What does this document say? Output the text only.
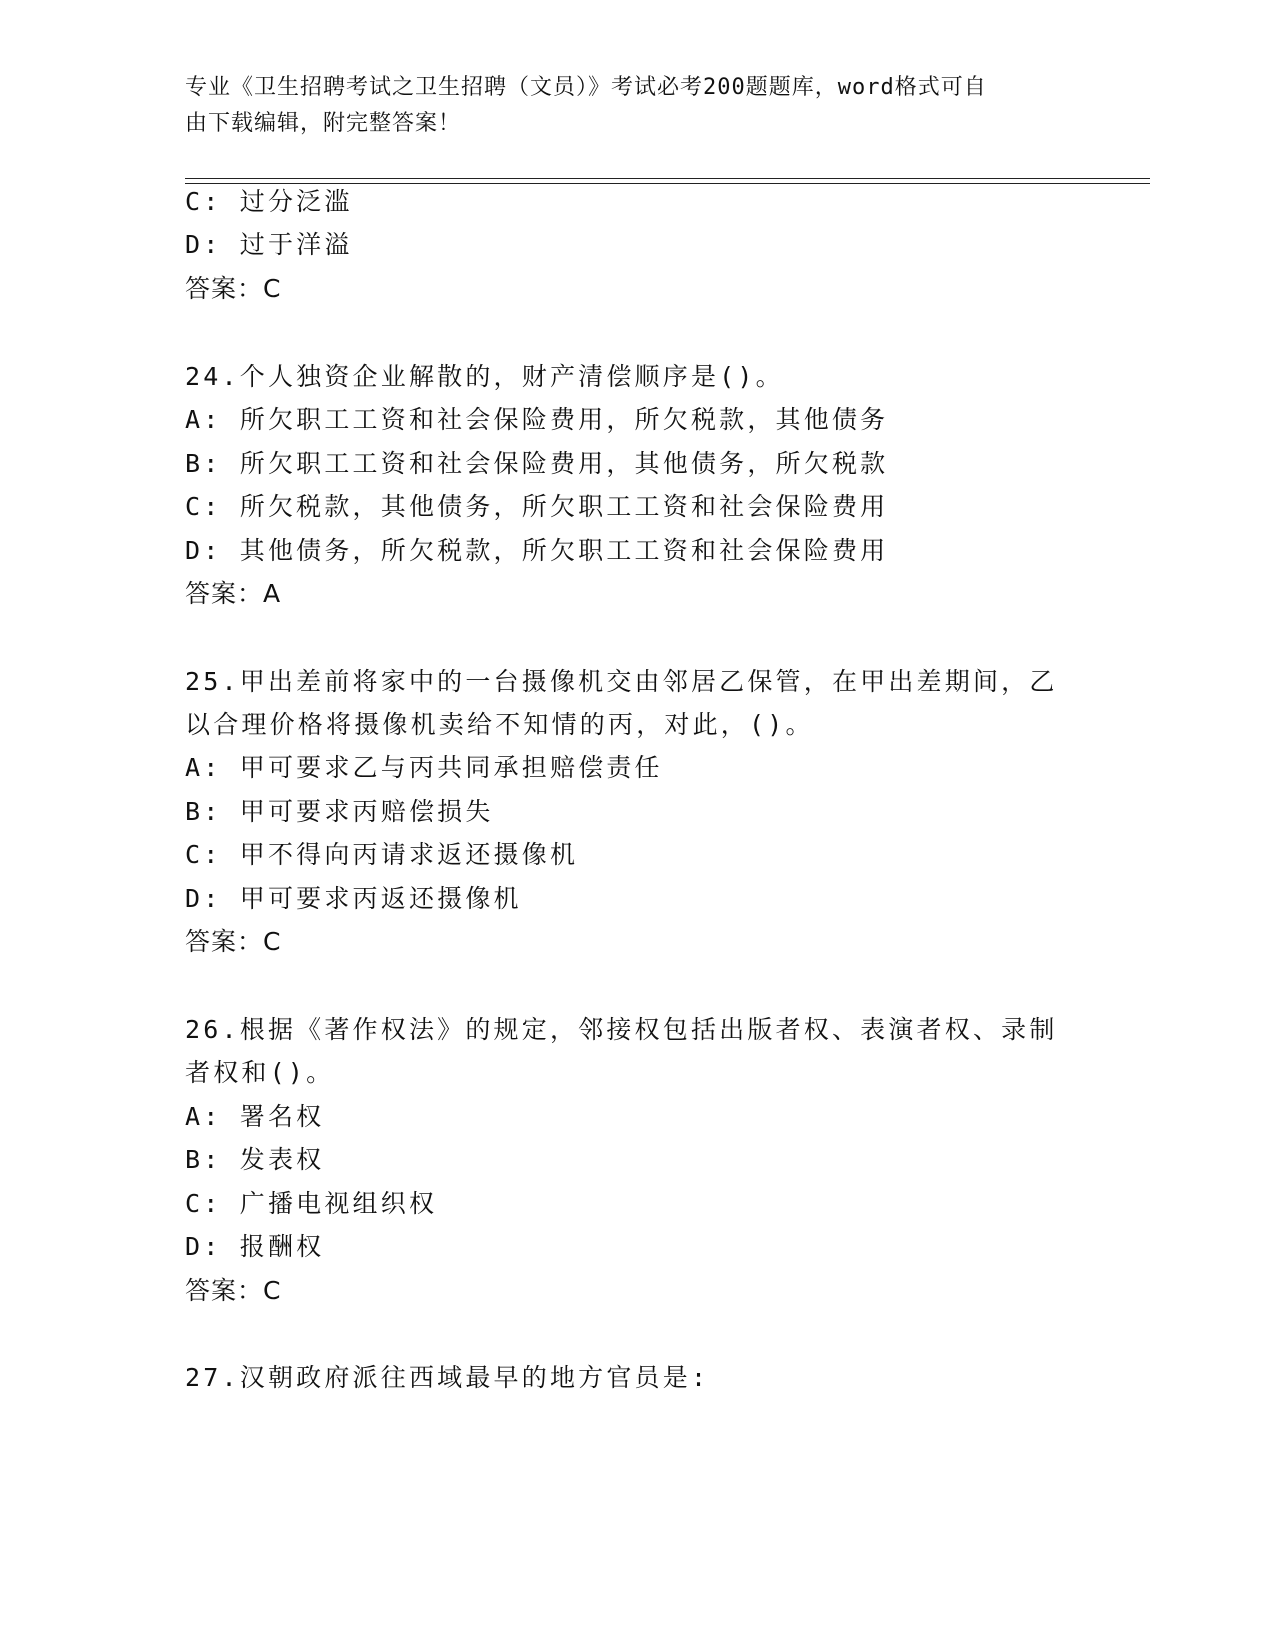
专业《卫生招聘考试之卫生招聘（文员）》考试必考200题题库，word格式可自
由下载编辑，附完整答案！
C: 过分泛滥
D: 过于洋溢
答案：C
24.个人独资企业解散的，财产清偿顺序是()。
A: 所欠职工工资和社会保险费用，所欠税款，其他债务
B: 所欠职工工资和社会保险费用，其他债务，所欠税款
C: 所欠税款，其他债务，所欠职工工资和社会保险费用
D: 其他债务，所欠税款，所欠职工工资和社会保险费用
答案：A
25.甲出差前将家中的一台摄像机交由邻居乙保管，在甲出差期间，乙
以合理价格将摄像机卖给不知情的丙，对此，()。
A: 甲可要求乙与丙共同承担赔偿责任
B: 甲可要求丙赔偿损失
C: 甲不得向丙请求返还摄像机
D: 甲可要求丙返还摄像机
答案：C
26.根据《著作权法》的规定，邻接权包括出版者权、表演者权、录制
者权和()。
A: 署名权
B: 发表权
C: 广播电视组织权
D: 报酬权
答案：C
27.汉朝政府派往西域最早的地方官员是:
